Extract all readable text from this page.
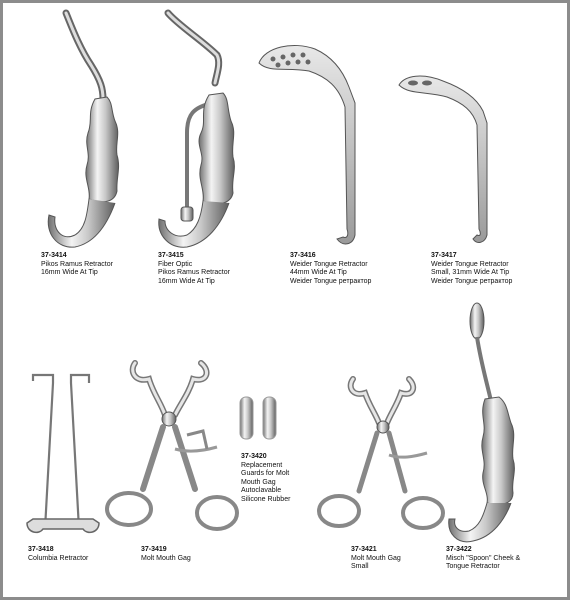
37-3414
Pikos Ramus Retractor
16mm Wide At Tip
37-3415
Fiber Optic
Pikos Ramus Retractor
16mm Wide At Tip
37-3416
Weider Tongue Retractor
44mm Wide At Tip
Weider Tongue ретрактор
37-3417
Weider Tongue Retractor
Small, 31mm Wide At Tip
Weider Tongue ретрактор
37-3418
Columbia Retractor
37-3419
Molt Mouth Gag
37-3420
Replacement
Guards for Molt
Mouth Gag
Autoclavable
Silicone Rubber
37-3421
Molt Mouth Gag
Small
37-3422
Misch "Spoon" Cheek &
Tongue Retractor
